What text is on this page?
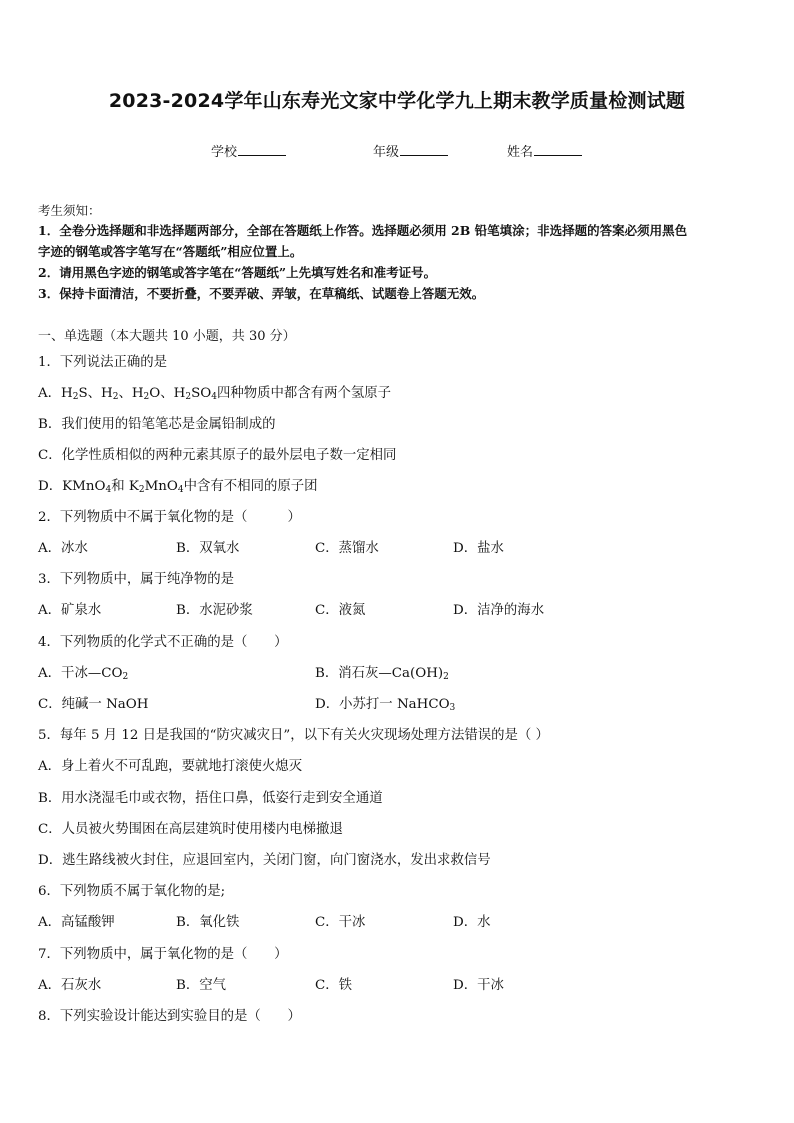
2023-2024学年山东寿光文家中学化学九上期末教学质量检测试题
学校	年级	姓名
考生须知：
1．全卷分选择题和非选择题两部分，全部在答题纸上作答。选择题必须用 2B 铅笔填涂；非选择题的答案必须用黑色
字迹的钢笔或答字笔写在“答题纸”相应位置上。
2．请用黑色字迹的钢笔或答字笔在“答题纸”上先填写姓名和准考证号。
3．保持卡面清洁，不要折叠，不要弄破、弄皱，在草稿纸、试题卷上答题无效。
一、单选题（本大题共 10 小题，共 30 分）
1．下列说法正确的是
A．$H_2S$、$H_2$、$H_2O$、$H_2SO_4$四种物质中都含有两个氢原子
B．我们使用的铅笔笔芯是金属铅制成的
C．化学性质相似的两种元素其原子的最外层电子数一定相同
D．KMnO$_4$和 $K_2MnO_4$中含有不相同的原子团
2．下列物质中不属于氧化物的是（　　　）
A．冰水	B．双氧水	C．蒸馏水	D．盐水
3．下列物质中，属于纯净物的是
A．矿泉水	B．水泥砂浆	C．液氮	D．洁净的海水
4．下列物质的化学式不正确的是（　　）
A．干冰$—CO_2$	B．消石灰$—Ca(OH)_2$
C．纯碱一 NaOH	D．小苏打一 NaHCO$_3$
5．每年 5 月 12 日是我国的“防灾减灾日”，以下有关火灾现场处理方法错误的是（ ）
A．身上着火不可乱跑，要就地打滚使火熄灭
B．用水浇湿毛巾或衣物，捂住口鼻，低姿行走到安全通道
C．人员被火势围困在高层建筑时使用楼内电梯撤退
D．逃生路线被火封住，应退回室内，关闭门窗，向门窗浇水，发出求救信号
6．下列物质不属于氧化物的是;
A．高锰酸钾	B．氧化铁	C．干冰	D．水
7．下列物质中，属于氧化物的是（　　）
A．石灰水	B．空气	C．铁	D．干冰
8．下列实验设计能达到实验目的是（　　）
